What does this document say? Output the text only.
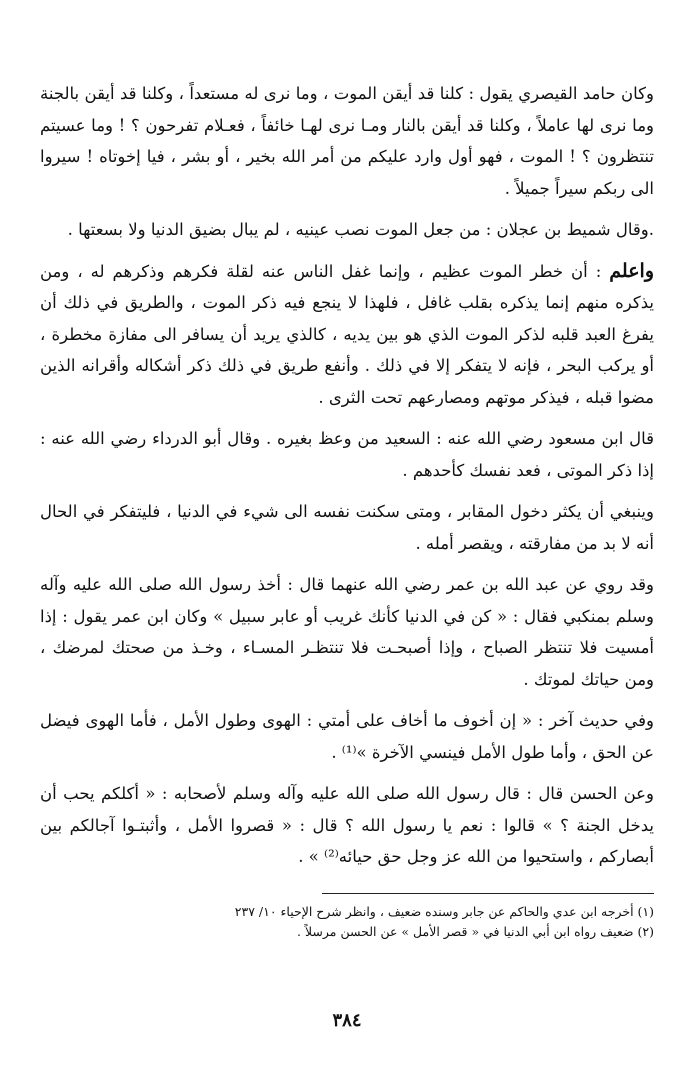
وكان حامد القيصري يقول : كلنا قد أيقن الموت ، وما نرى له مستعداً ، وكلنا قد أيقن بالجنة وما نرى لها عاملاً ، وكلنا قد أيقن بالنار ومـا نرى لهـا خائفاً ، فعـلام تفرحون ؟ ! وما عسيتم تنتظرون ؟ ! الموت ، فهو أول وارد عليكم من أمر الله بخير ، أو بشر ، فيا إخوتاه ! سيروا الى ربكم سيراً جميلاً .

.وقال شميط بن عجلان : من جعل الموت نصب عينيه ، لم يبال بضيق الدنيا ولا بسعتها .

واعلم : أن خطر الموت عظيم ، وإنما غفل الناس عنه لقلة فكرهم وذكرهم له ، ومن يذكره منهم إنما يذكره بقلب غافل ، فلهذا لا ينجع فيه ذكر الموت ، والطريق في ذلك أن يفرغ العبد قلبه لذكر الموت الذي هو بين يديه ، كالذي يريد أن يسافر الى مفازة مخطرة ، أو يركب البحر ، فإنه لا يتفكر إلا في ذلك . وأنفع طريق في ذلك ذكر أشكاله وأقرانه الذين مضوا قبله ، فيذكر موتهم ومصارعهم تحت الثرى .

قال ابن مسعود رضي الله عنه : السعيد من وعظ بغيره . وقال أبو الدرداء رضي الله عنه : إذا ذكر الموتى ، فعد نفسك كأحدهم .

وينبغي أن يكثر دخول المقابر ، ومتى سكنت نفسه الى شيء في الدنيا ، فليتفكر في الحال أنه لا بد من مفارقته ، ويقصر أمله .

وقد روي عن عبد الله بن عمر رضي الله عنهما قال : أخذ رسول الله صلى الله عليه وآله وسلم بمنكبي فقال : « كن في الدنيا كأنك غريب أو عابر سبيل » وكان ابن عمر يقول : إذا أمسيت فلا تنتظر الصباح ، وإذا أصبحـت فلا تنتظـر المسـاء ، وخـذ من صحتك لمرضك ، ومن حياتك لموتك .

وفي حديث آخر : « إن أخوف ما أخاف على أمتي : الهوى وطول الأمل ، فأما الهوى فيضل عن الحق ، وأما طول الأمل فينسي الآخرة »⁽¹⁾ .

وعن الحسن قال : قال رسول الله صلى الله عليه وآله وسلم لأصحابه : « أكلكم يحب أن يدخل الجنة ؟ » قالوا : نعم يا رسول الله ؟ قال : « قصروا الأمل ، وأثبتـوا آجالكم بين أبصاركم ، واستحيوا من الله عز وجل حق حيائه⁽²⁾ » .

(١) أخرجه ابن عدي والحاكم عن جابر وسنده ضعيف ، وانظر شرح الإحياء ١٠/ ٢٣٧
(٢) ضعيف رواه ابن أبي الدنيا في « قصر الأمل » عن الحسن مرسلاً .
٣٨٤
